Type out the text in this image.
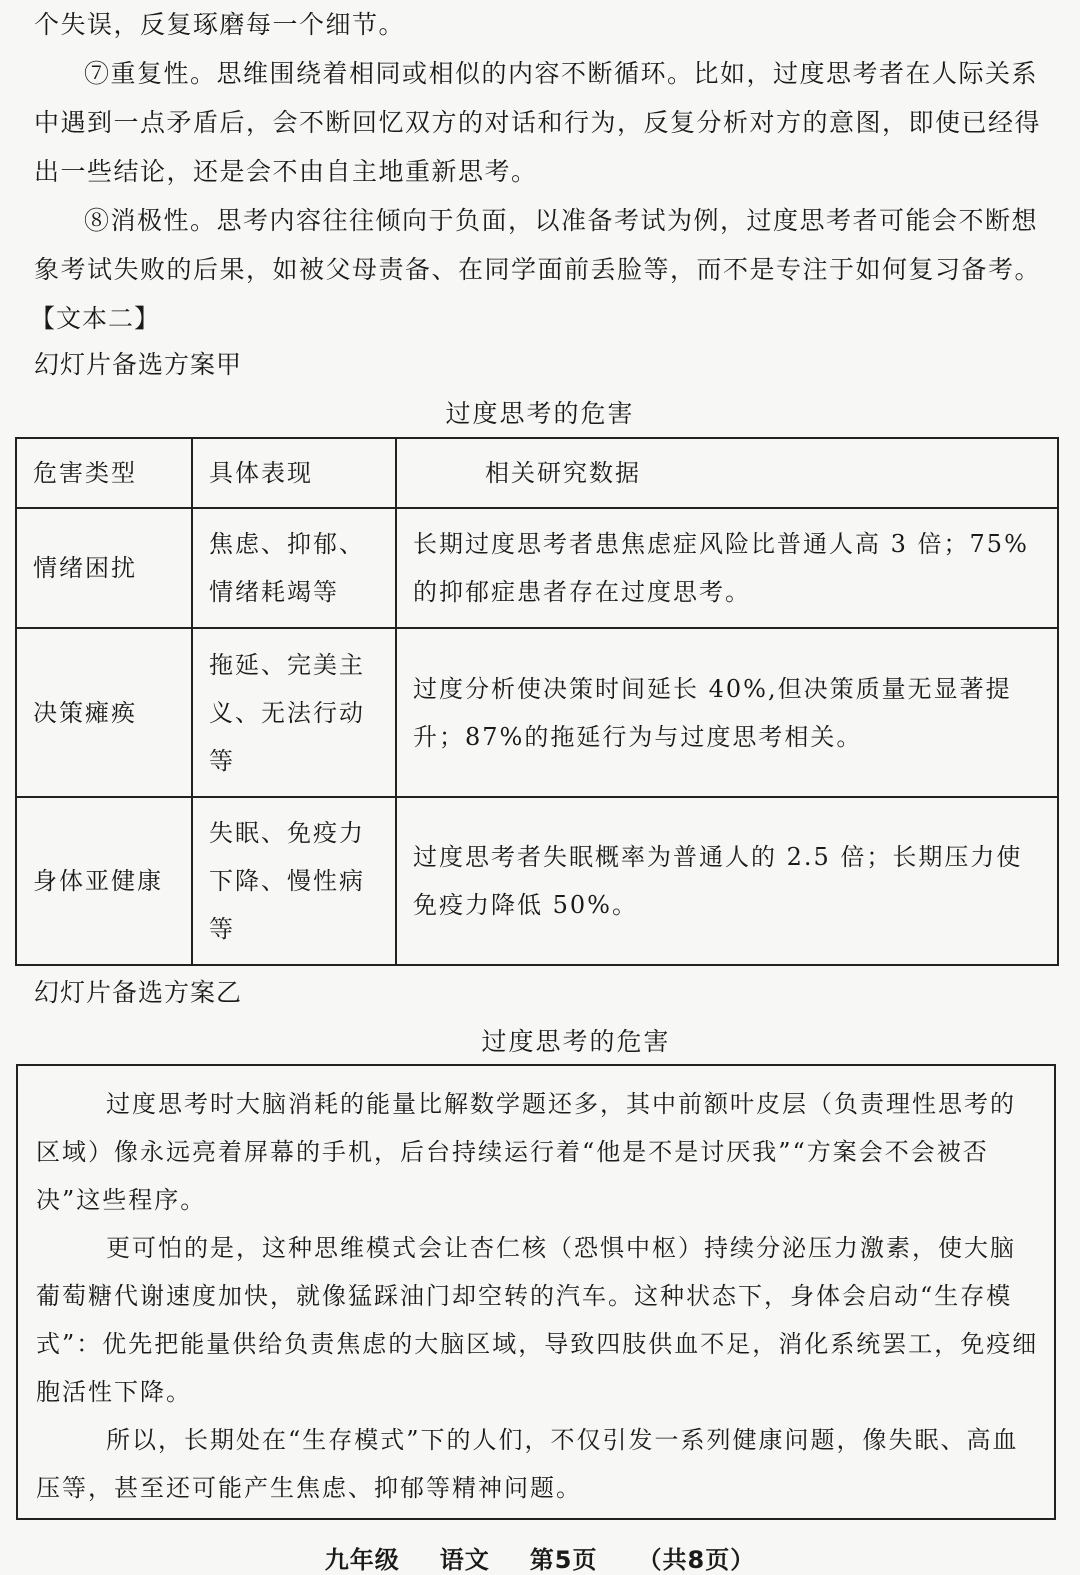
个失误，反复琢磨每一个细节。

⑦重复性。思维围绕着相同或相似的内容不断循环。比如，过度思考者在人际关系中遇到一点矛盾后，会不断回忆双方的对话和行为，反复分析对方的意图，即使已经得出一些结论，还是会不由自主地重新思考。

⑧消极性。思考内容往往倾向于负面，以准备考试为例，过度思考者可能会不断想象考试失败的后果，如被父母责备、在同学面前丢脸等，而不是专注于如何复习备考。

【文本二】

幻灯片备选方案甲

过度思考的危害

危害类型	具体表现	相关研究数据
情绪困扰	焦虑、抑郁、情绪耗竭等	长期过度思考者患焦虑症风险比普通人高 3 倍；75%的抑郁症患者存在过度思考。
决策瘫痪	拖延、完美主义、无法行动等	过度分析使决策时间延长 40%,但决策质量无显著提升；87%的拖延行为与过度思考相关。
身体亚健康	失眠、免疫力下降、慢性病等	过度思考者失眠概率为普通人的 2.5 倍；长期压力使免疫力降低 50%。

幻灯片备选方案乙

过度思考的危害

过度思考时大脑消耗的能量比解数学题还多，其中前额叶皮层（负责理性思考的区域）像永远亮着屏幕的手机，后台持续运行着“他是不是讨厌我”“方案会不会被否决”这些程序。

更可怕的是，这种思维模式会让杏仁核（恐惧中枢）持续分泌压力激素，使大脑葡萄糖代谢速度加快，就像猛踩油门却空转的汽车。这种状态下，身体会启动“生存模式”：优先把能量供给负责焦虑的大脑区域，导致四肢供血不足，消化系统罢工，免疫细胞活性下降。

所以，长期处在“生存模式”下的人们，不仅引发一系列健康问题，像失眠、高血压等，甚至还可能产生焦虑、抑郁等精神问题。

九年级 语文 第5页 （共8页）
